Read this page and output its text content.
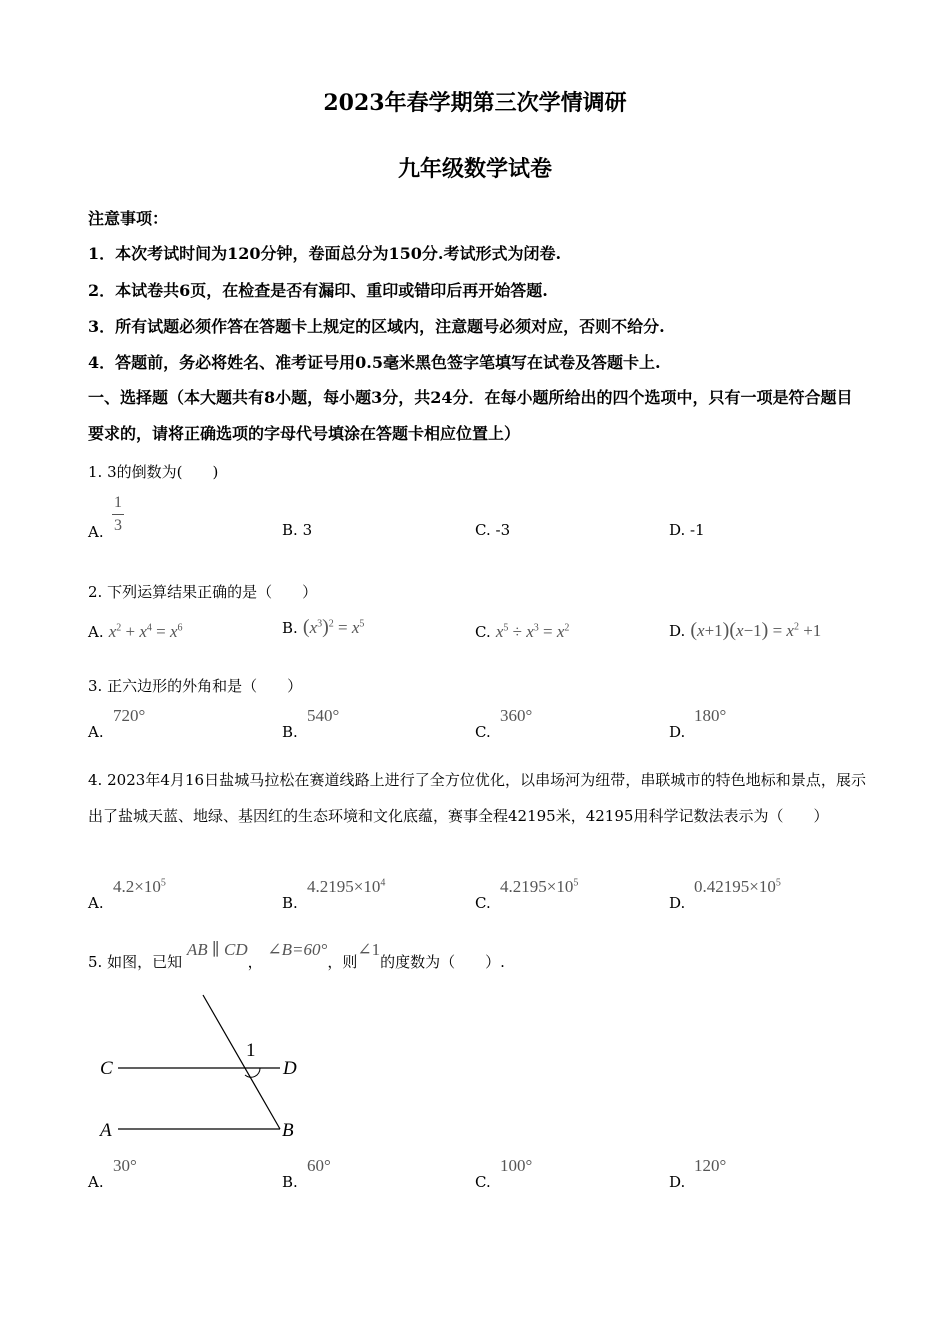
2023年春学期第三次学情调研
九年级数学试卷
注意事项：
1．本次考试时间为120分钟，卷面总分为150分.考试形式为闭卷.
2．本试卷共6页，在检查是否有漏印、重印或错印后再开始答题.
3．所有试题必须作答在答题卡上规定的区域内，注意题号必须对应，否则不给分.
4．答题前，务必将姓名、准考证号用0.5毫米黑色签字笔填写在试卷及答题卡上.
一、选择题（本大题共有8小题，每小题3分，共24分．在每小题所给出的四个选项中，只有一项是符合题目要求的，请将正确选项的字母代号填涂在答题卡相应位置上）
1. 3的倒数为(　　)
A. $\frac{1}{3}$	B. 3	C. -3	D. -1
2. 下列运算结果正确的是（　　）
A. $x^2 + x^4 = x^6$	B. $(x^3)^2 = x^5$	C. $x^5 \div x^3 = x^2$	D. $(x+1)(x-1) = x^2 +1$
3. 正六边形的外角和是（　　）
720°
A.
540°
B.
360°
C.
180°
D.
4. 2023年4月16日盐城马拉松在赛道线路上进行了全方位优化，以串场河为纽带，串联城市的特色地标和景点，展示出了盐城天蓝、地绿、基因红的生态环境和文化底蕴，赛事全程42195米，42195用科学记数法表示为（　　）
$4.2\times 10^5$
A.
$4.2195\times 10^4$
B.
$4.2195\times 10^5$
C.
$0.42195\times 10^5$
D.
5. 如图，已知 AB ∥ CD， ∠B=60°，则∠1的度数为（　　）.
1
C	D
A	B
30°
A.
60°
B.
100°
C.
120°
D.
